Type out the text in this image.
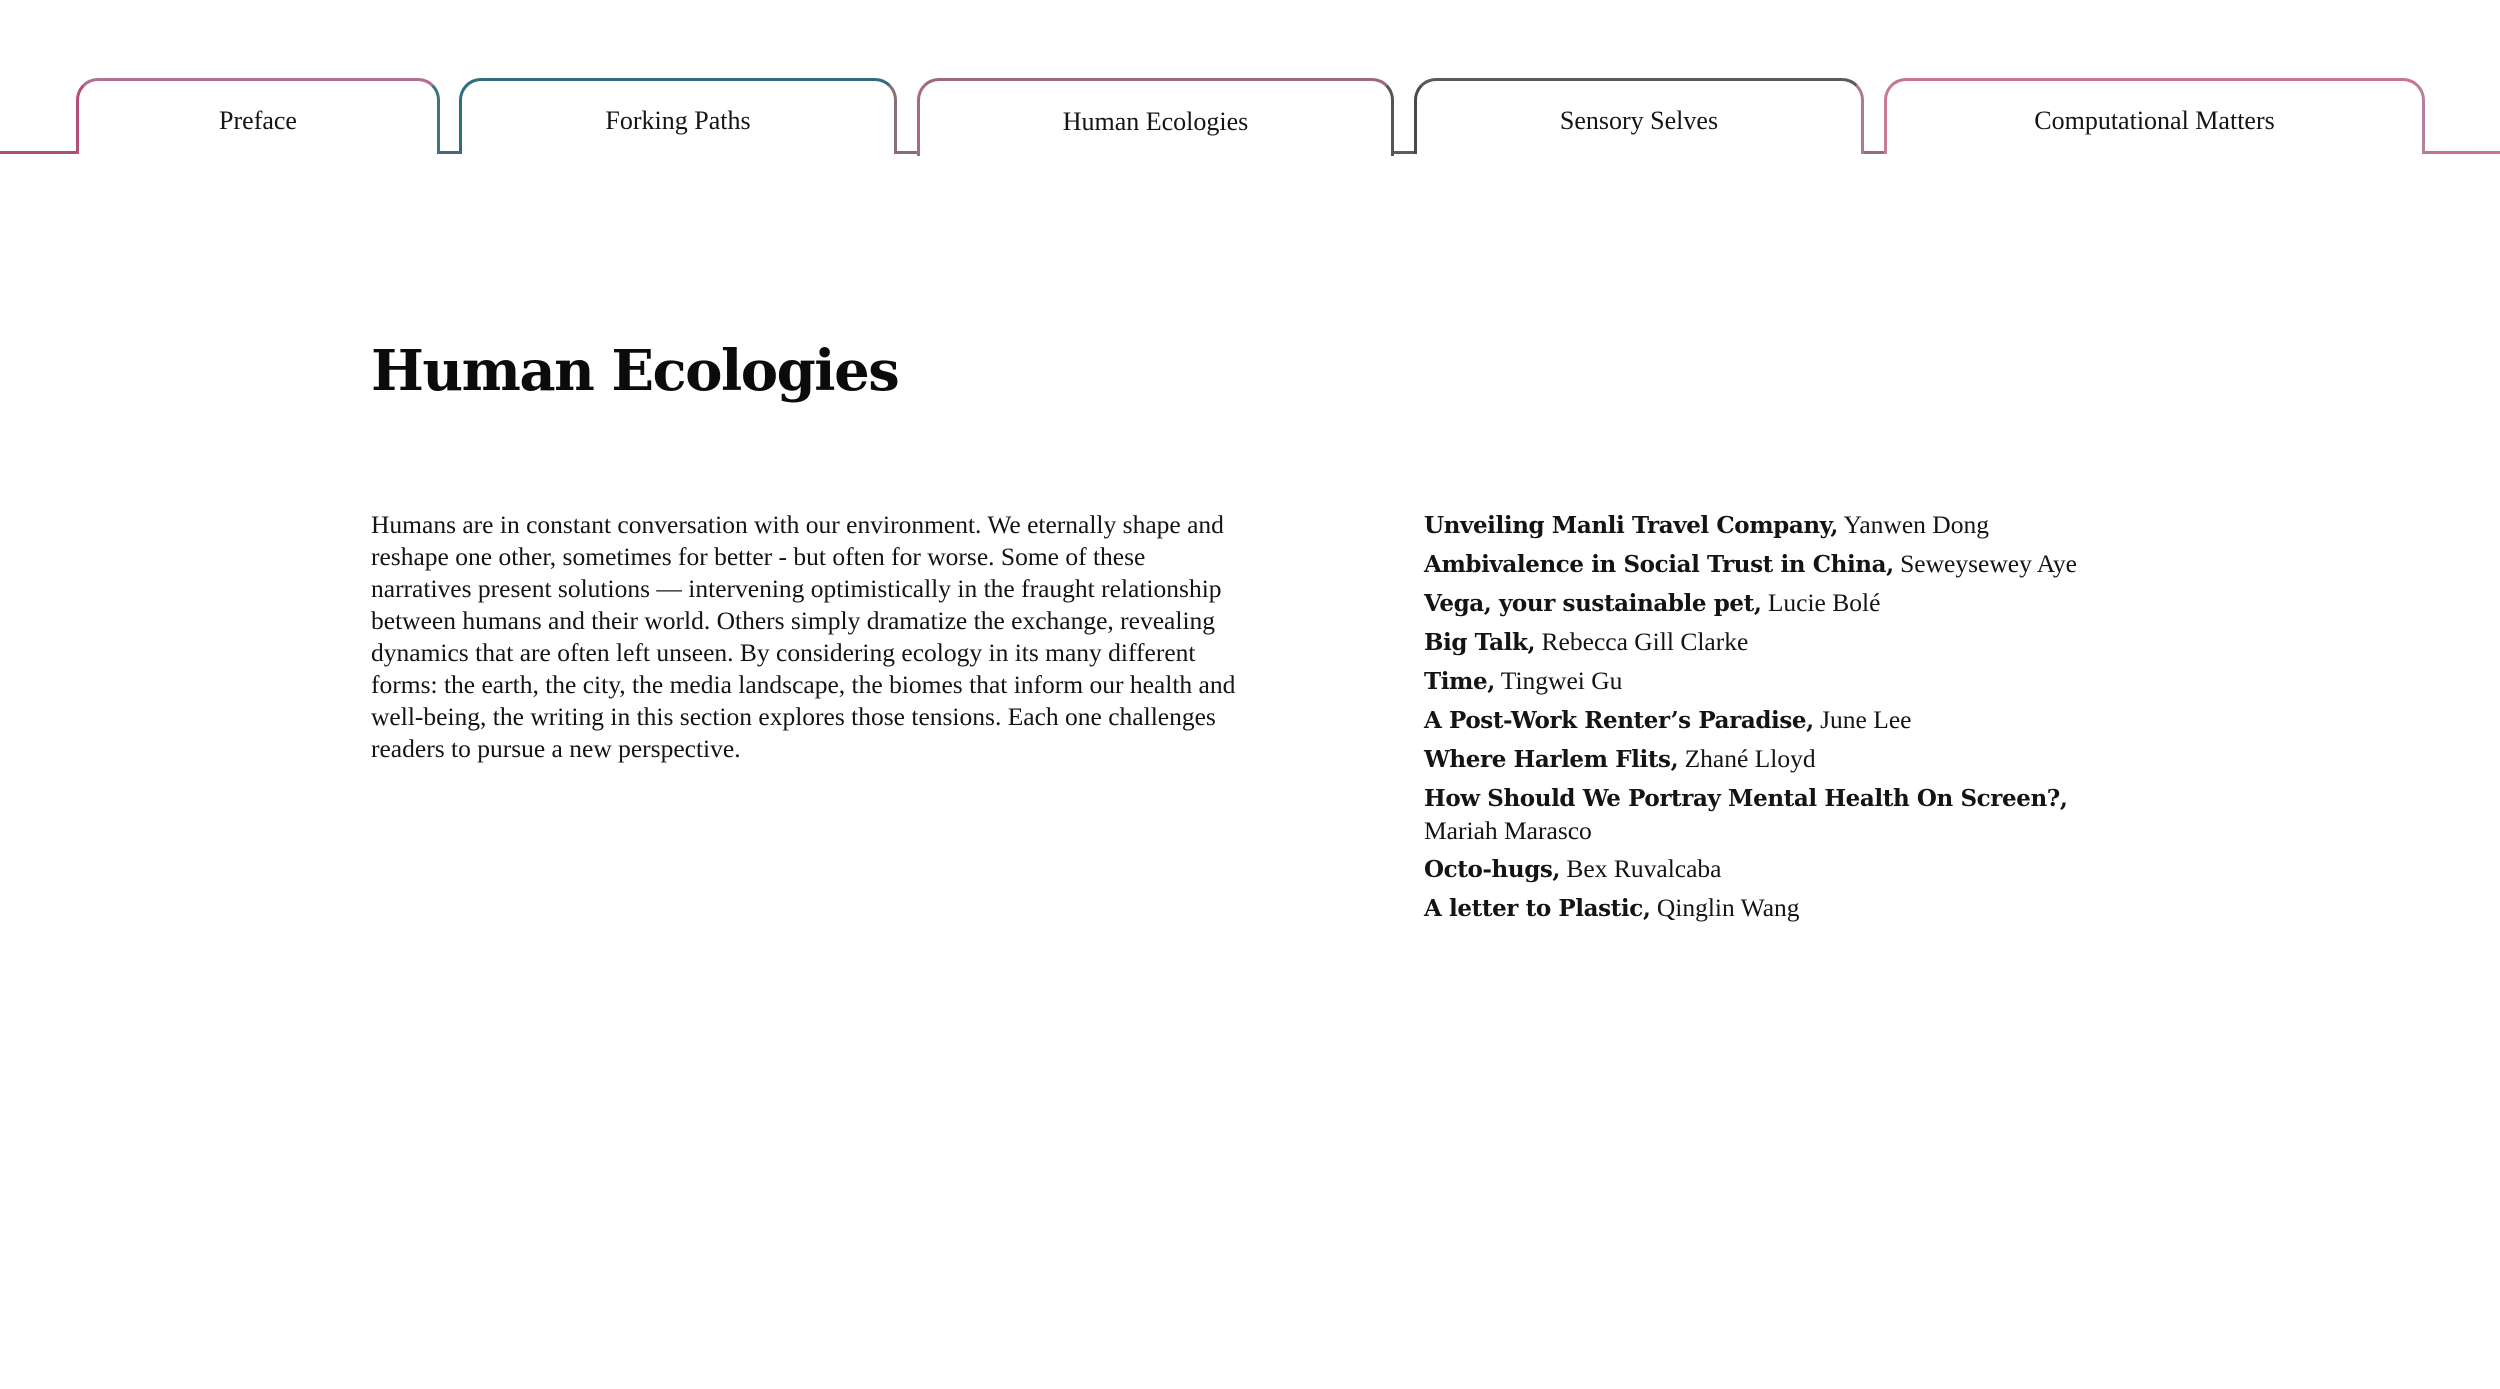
Preface	Forking Paths	Human Ecologies	Sensory Selves	Computational Matters
Human Ecologies

Humans are in constant conversation with our environment. We eternally shape and reshape one other, sometimes for better - but often for worse. Some of these narratives present solutions — intervening optimistically in the fraught relationship between humans and their world. Others simply dramatize the exchange, revealing dynamics that are often left unseen. By considering ecology in its many different forms: the earth, the city, the media landscape, the biomes that inform our health and well-being, the writing in this section explores those tensions. Each one challenges readers to pursue a new perspective.

Unveiling Manli Travel Company, Yanwen Dong
Ambivalence in Social Trust in China, Seweysewey Aye
Vega, your sustainable pet, Lucie Bolé
Big Talk, Rebecca Gill Clarke
Time, Tingwei Gu
A Post-Work Renter’s Paradise, June Lee
Where Harlem Flits, Zhané Lloyd
How Should We Portray Mental Health On Screen?,
Mariah Marasco
Octo-hugs, Bex Ruvalcaba
A letter to Plastic, Qinglin Wang
